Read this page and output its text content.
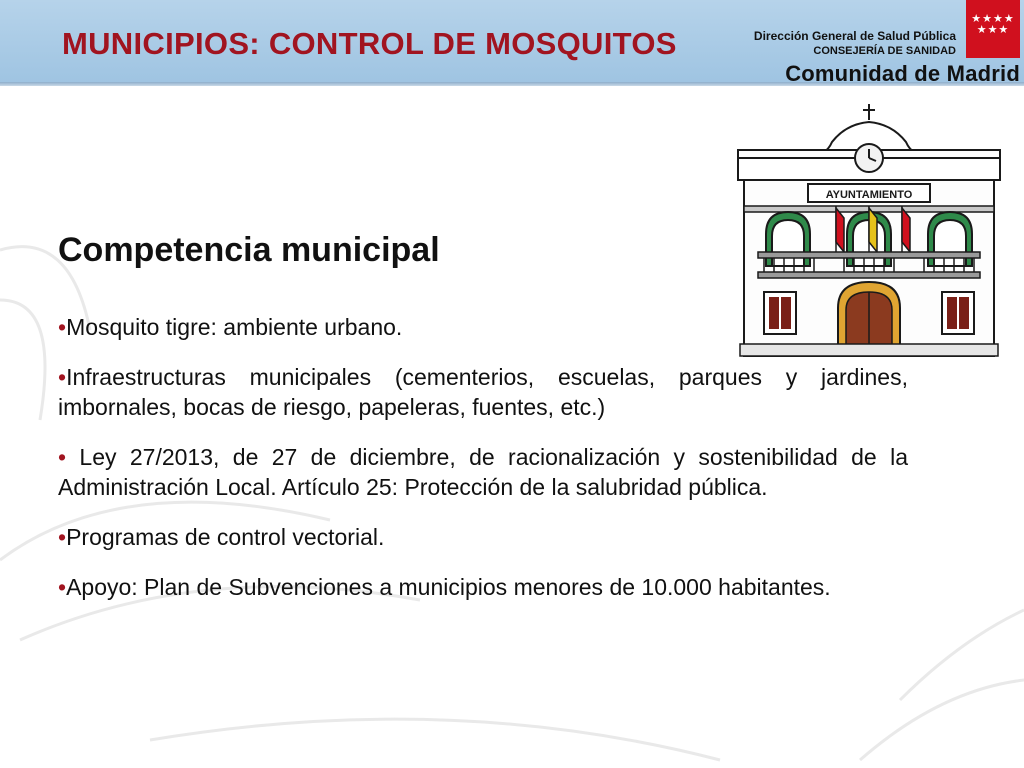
MUNICIPIOS: CONTROL DE MOSQUITOS	Dirección General de Salud Pública

CONSEJERÍA DE SANIDAD

Comunidad de Madrid

★★★★
★★★
AYUNTAMIENTO
Competencia municipal
•Mosquito tigre: ambiente urbano.
•Infraestructuras municipales (cementerios, escuelas, parques y jardines, imbornales, bocas de riesgo, papeleras, fuentes, etc.)
• Ley 27/2013, de 27 de diciembre, de racionalización y sostenibilidad de la Administración Local. Artículo 25: Protección de la salubridad pública.
•Programas de control vectorial.
•Apoyo: Plan de Subvenciones a municipios menores de 10.000 habitantes.
